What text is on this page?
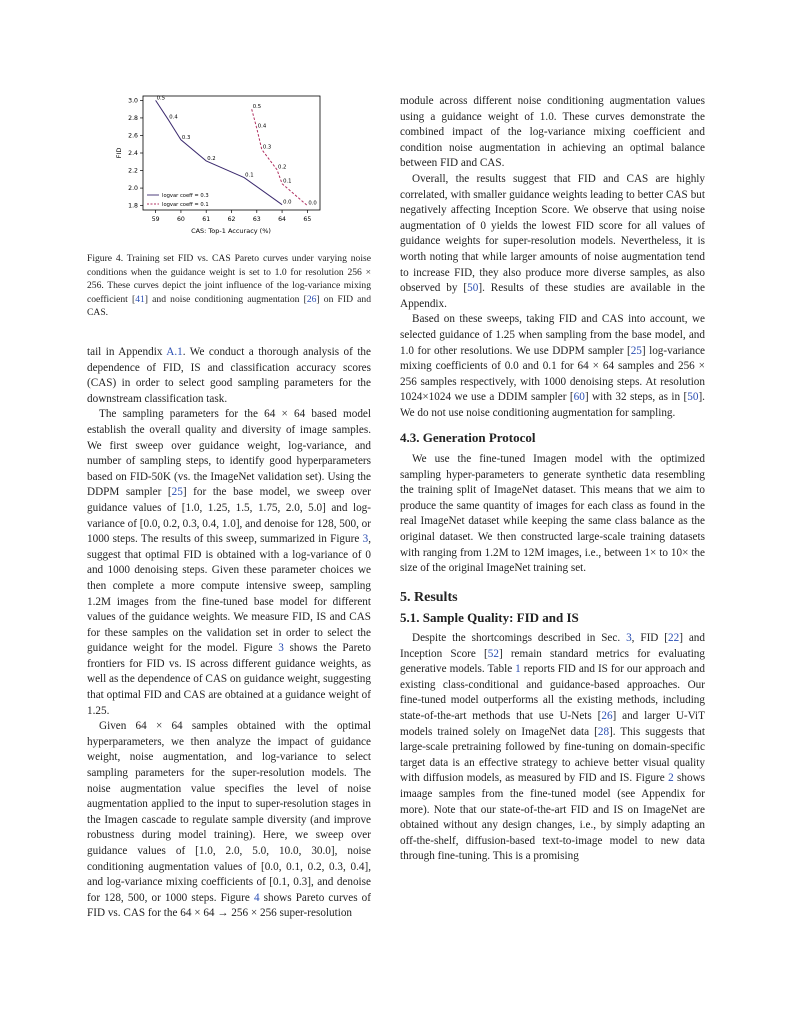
1.8
2.0
2.2
2.4
2.6
2.8
3.0
59	60	61	62	63	64	65
0.5
0.4
0.3
0.2
0.1
0.0
0.5
0.4
0.3
0.2
0.1
0.0
CAS: Top-1 Accuracy (%)
FID
logvar coeff = 0.3
logvar coeff = 0.1
Figure 4. Training set FID vs. CAS Pareto curves under varying noise conditions when the guidance weight is set to 1.0 for resolution 256 × 256. These curves depict the joint influence of the log-variance mixing coefficient [41] and noise conditioning augmentation [26] on FID and CAS.

tail in Appendix A.1. We conduct a thorough analysis of the dependence of FID, IS and classification accuracy scores (CAS) in order to select good sampling parameters for the downstream classification task.

The sampling parameters for the 64 × 64 based model establish the overall quality and diversity of image samples. We first sweep over guidance weight, log-variance, and number of sampling steps, to identify good hyperparameters based on FID-50K (vs. the ImageNet validation set). Using the DDPM sampler [25] for the base model, we sweep over guidance values of [1.0, 1.25, 1.5, 1.75, 2.0, 5.0] and log-variance of [0.0, 0.2, 0.3, 0.4, 1.0], and denoise for 128, 500, or 1000 steps. The results of this sweep, summarized in Figure 3, suggest that optimal FID is obtained with a log-variance of 0 and 1000 denoising steps. Given these parameter choices we then complete a more compute intensive sweep, sampling 1.2M images from the fine-tuned base model for different values of the guidance weights. We measure FID, IS and CAS for these samples on the validation set in order to select the guidance weight for the model. Figure 3 shows the Pareto frontiers for FID vs. IS across different guidance weights, as well as the dependence of CAS on guidance weight, suggesting that optimal FID and CAS are obtained at a guidance weight of 1.25.

Given 64 × 64 samples obtained with the optimal hyperparameters, we then analyze the impact of guidance weight, noise augmentation, and log-variance to select sampling parameters for the super-resolution models. The noise augmentation value specifies the level of noise augmentation applied to the input to super-resolution stages in the Imagen cascade to regulate sample diversity (and improve robustness during model training). Here, we sweep over guidance values of [1.0, 2.0, 5.0, 10.0, 30.0], noise conditioning augmentation values of [0.0, 0.1, 0.2, 0.3, 0.4], and log-variance mixing coefficients of [0.1, 0.3], and denoise for 128, 500, or 1000 steps. Figure 4 shows Pareto curves of FID vs. CAS for the 64 × 64 → 256 × 256 super-resolution

module across different noise conditioning augmentation values using a guidance weight of 1.0. These curves demonstrate the combined impact of the log-variance mixing coefficient and condition noise augmentation in achieving an optimal balance between FID and CAS.

Overall, the results suggest that FID and CAS are highly correlated, with smaller guidance weights leading to better CAS but negatively affecting Inception Score. We observe that using noise augmentation of 0 yields the lowest FID score for all values of guidance weights for super-resolution models. Nevertheless, it is worth noting that while larger amounts of noise augmentation tend to increase FID, they also produce more diverse samples, as also observed by [50]. Results of these studies are available in the Appendix.

Based on these sweeps, taking FID and CAS into account, we selected guidance of 1.25 when sampling from the base model, and 1.0 for other resolutions. We use DDPM sampler [25] log-variance mixing coefficients of 0.0 and 0.1 for 64 × 64 samples and 256 × 256 samples respectively, with 1000 denoising steps. At resolution 1024×1024 we use a DDIM sampler [60] with 32 steps, as in [50]. We do not use noise conditioning augmentation for sampling.

4.3. Generation Protocol

We use the fine-tuned Imagen model with the optimized sampling hyper-parameters to generate synthetic data resembling the training split of ImageNet dataset. This means that we aim to produce the same quantity of images for each class as found in the real ImageNet dataset while keeping the same class balance as the original dataset. We then constructed large-scale training datasets with ranging from 1.2M to 12M images, i.e., between 1× to 10× the size of the original ImageNet training set.

5. Results

5.1. Sample Quality: FID and IS

Despite the shortcomings described in Sec. 3, FID [22] and Inception Score [52] remain standard metrics for evaluating generative models. Table 1 reports FID and IS for our approach and existing class-conditional and guidance-based approaches. Our fine-tuned model outperforms all the existing methods, including state-of-the-art methods that use U-Nets [26] and larger U-ViT models trained solely on ImageNet data [28]. This suggests that large-scale pretraining followed by fine-tuning on domain-specific target data is an effective strategy to achieve better visual quality with diffusion models, as measured by FID and IS. Figure 2 shows imaage samples from the fine-tuned model (see Appendix for more). Note that our state-of-the-art FID and IS on ImageNet are obtained without any design changes, i.e., by simply adapting an off-the-shelf, diffusion-based text-to-image model to new data through fine-tuning. This is a promising
